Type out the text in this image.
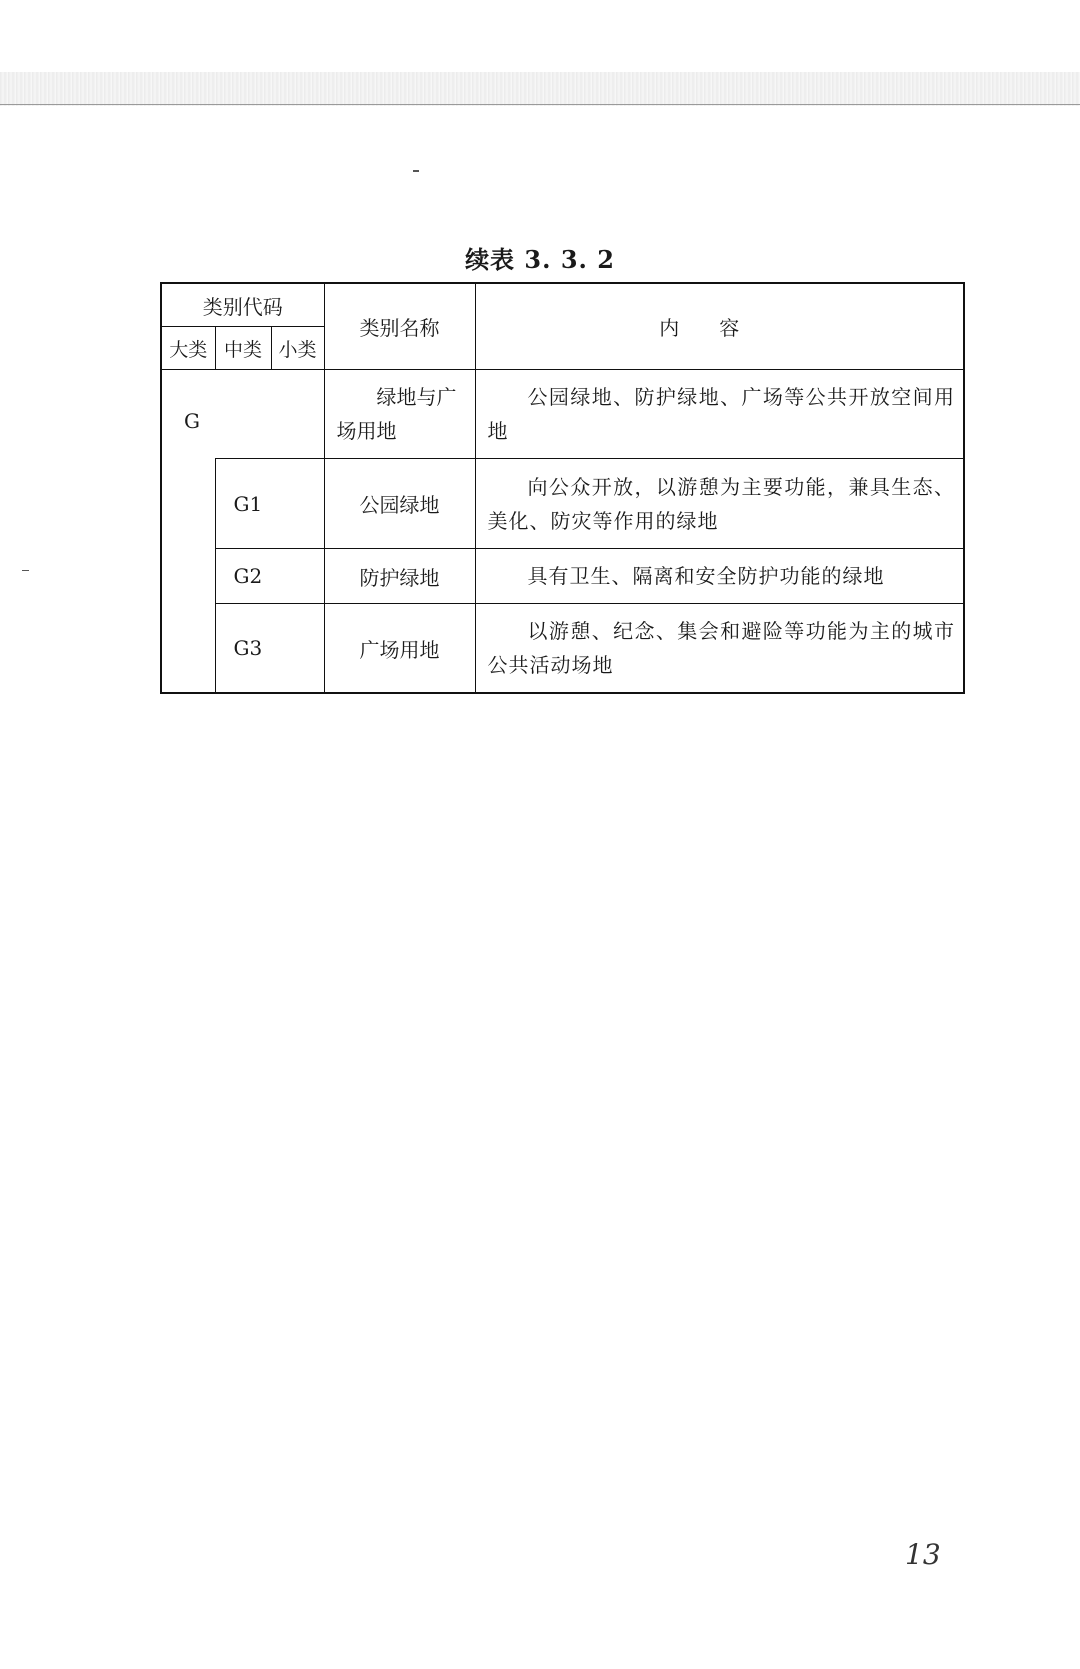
续表 3. 3. 2
类别代码			类别名称	内容
大类	中类	小类		
G			绿地与广场用地	公园绿地、防护绿地、广场等公共开放空间用地
	G1		公园绿地	向公众开放，以游憩为主要功能，兼具生态、美化、防灾等作用的绿地
	G2		防护绿地	具有卫生、隔离和安全防护功能的绿地
	G3		广场用地	以游憩、纪念、集会和避险等功能为主的城市公共活动场地
13
